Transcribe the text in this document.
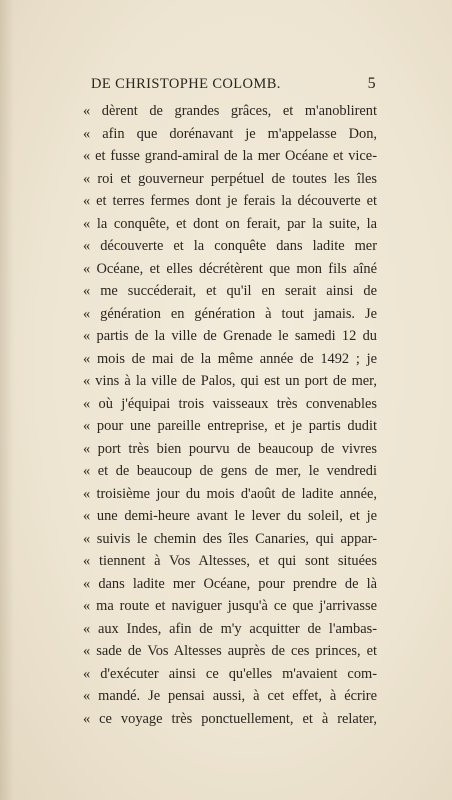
DE CHRISTOPHE COLOMB.	5
« dèrent de grandes grâces, et m'anoblirent
« afin que dorénavant je m'appelasse Don,
« et fusse grand-amiral de la mer Océane et vice-
« roi et gouverneur perpétuel de toutes les îles
« et terres fermes dont je ferais la découverte et
« la conquête, et dont on ferait, par la suite, la
« découverte et la conquête dans ladite mer
« Océane, et elles décrétèrent que mon fils aîné
« me succéderait, et qu'il en serait ainsi de
« génération en génération à tout jamais. Je
« partis de la ville de Grenade le samedi 12 du
« mois de mai de la même année de 1492 ; je
« vins à la ville de Palos, qui est un port de mer,
« où j'équipai trois vaisseaux très convenables
« pour une pareille entreprise, et je partis dudit
« port très bien pourvu de beaucoup de vivres
« et de beaucoup de gens de mer, le vendredi
« troisième jour du mois d'août de ladite année,
« une demi-heure avant le lever du soleil, et je
« suivis le chemin des îles Canaries, qui appar-
« tiennent à Vos Altesses, et qui sont situées
« dans ladite mer Océane, pour prendre de là
« ma route et naviguer jusqu'à ce que j'arrivasse
« aux Indes, afin de m'y acquitter de l'ambas-
« sade de Vos Altesses auprès de ces princes, et
« d'exécuter ainsi ce qu'elles m'avaient com-
« mandé. Je pensai aussi, à cet effet, à écrire
« ce voyage très ponctuellement, et à relater,
